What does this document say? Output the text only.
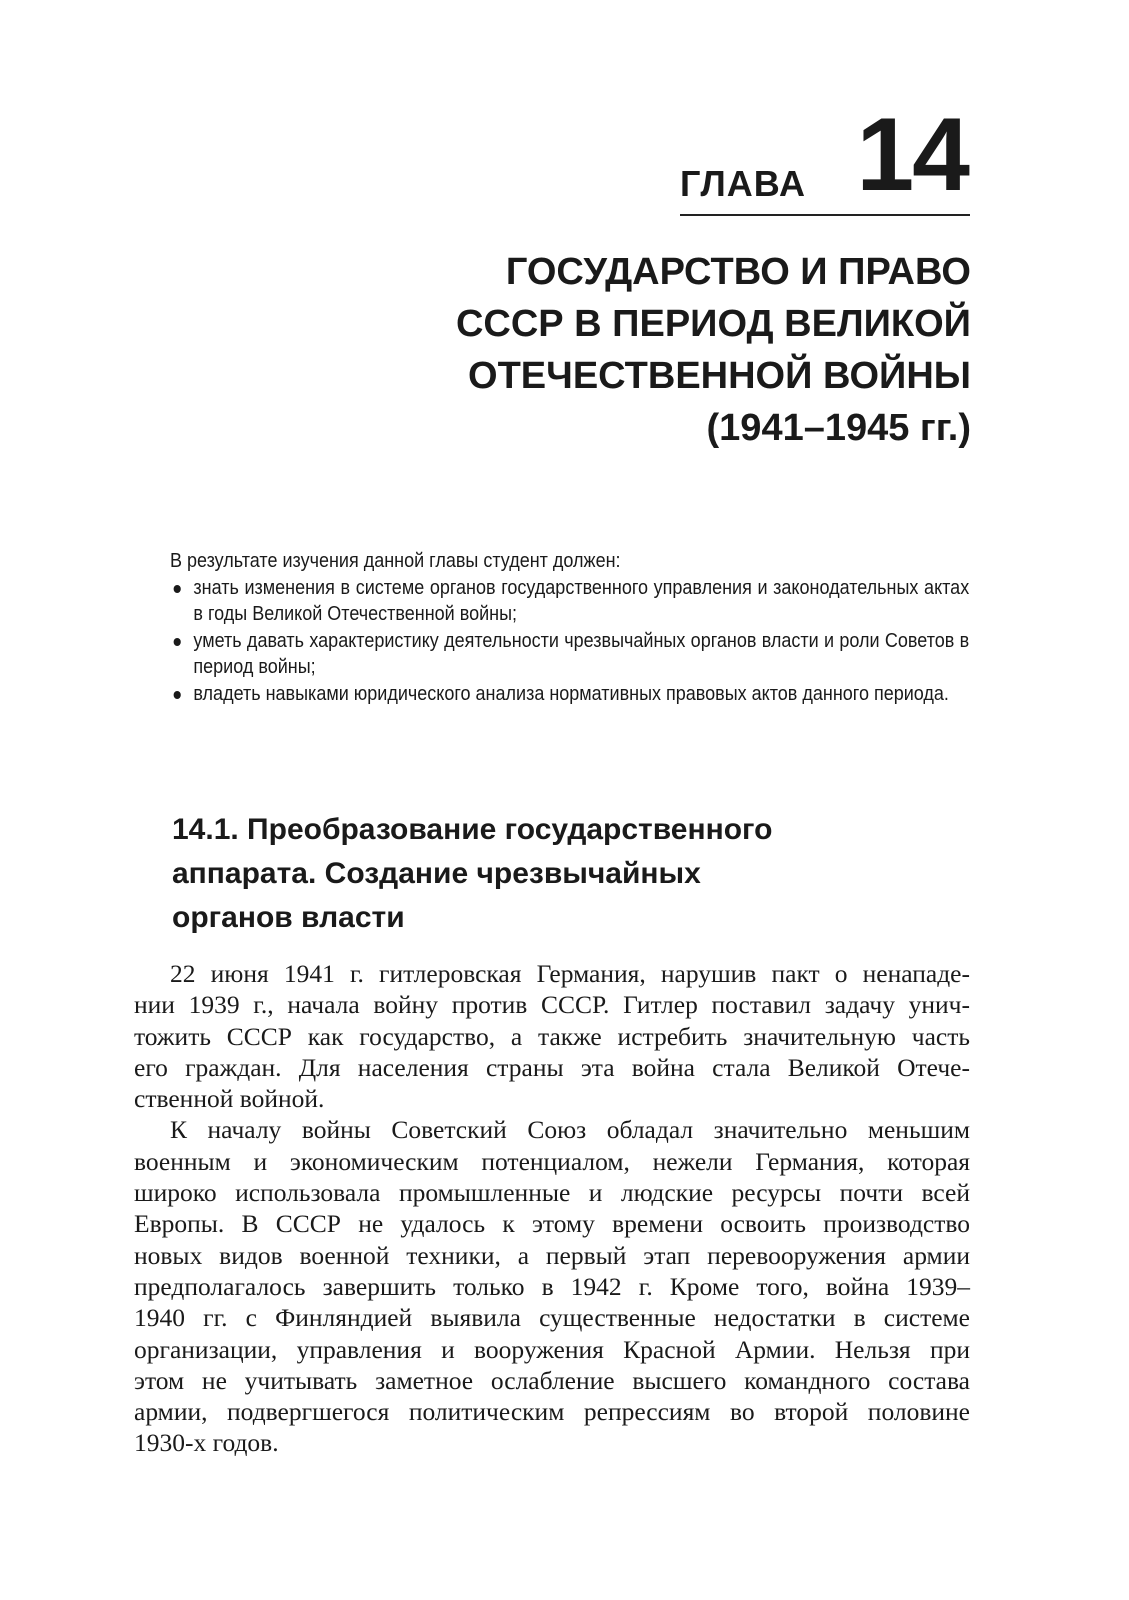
ГЛАВА 14
ГОСУДАРСТВО И ПРАВО
СССР В ПЕРИОД ВЕЛИКОЙ
ОТЕЧЕСТВЕННОЙ ВОЙНЫ
(1941–1945 гг.)

В результате изучения данной главы студент должен:

знать изменения в системе органов государственного управления и законодательных актах в годы Великой Отечественной войны;
уметь давать характеристику деятельности чрезвычайных органов власти и роли Советов в период войны;
владеть навыками юридического анализа нормативных правовых актов данного периода.
14.1. Преобразование государственного
аппарата. Создание чрезвычайных
органов власти
22 июня 1941 г. гитлеровская Германия, нарушив пакт о ненападе-
нии 1939 г., начала войну против СССР. Гитлер поставил задачу унич-
тожить СССР как государство, а также истребить значительную часть
его граждан. Для населения страны эта война стала Великой Отече-
ственной войной.
К началу войны Советский Союз обладал значительно меньшим
военным и экономическим потенциалом, нежели Германия, которая
широко использовала промышленные и людские ресурсы почти всей
Европы. В СССР не удалось к этому времени освоить производство
новых видов военной техники, а первый этап перевооружения армии
предполагалось завершить только в 1942 г. Кроме того, война 1939–
1940 гг. с Финляндией выявила существенные недостатки в системе
организации, управления и вооружения Красной Армии. Нельзя при
этом не учитывать заметное ослабление высшего командного состава
армии, подвергшегося политическим репрессиям во второй половине
1930-х годов.
